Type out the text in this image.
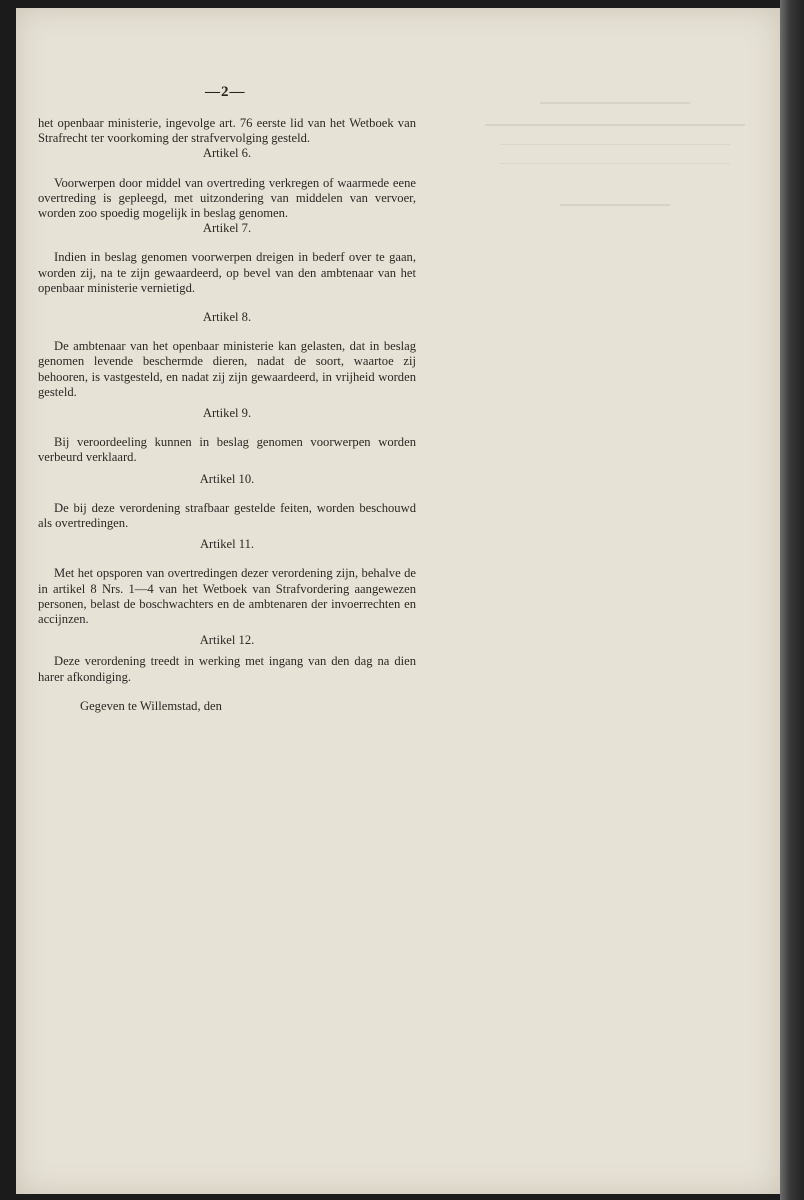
—2—

het openbaar ministerie, ingevolge art. 76 eerste lid van het Wetboek van Strafrecht ter voorkoming der strafvervolging gesteld.

Artikel 6.

Voorwerpen door middel van overtreding verkregen of waarmede eene overtreding is gepleegd, met uitzondering van middelen van vervoer, worden zoo spoedig mogelijk in beslag genomen.

Artikel 7.

Indien in beslag genomen voorwerpen dreigen in bederf over te gaan, worden zij, na te zijn gewaardeerd, op bevel van den ambtenaar van het openbaar ministerie vernietigd.

Artikel 8.

De ambtenaar van het openbaar ministerie kan gelasten, dat in beslag genomen levende beschermde dieren, nadat de soort, waartoe zij behooren, is vastgesteld, en nadat zij zijn gewaardeerd, in vrijheid worden gesteld.

Artikel 9.

Bij veroordeeling kunnen in beslag genomen voorwerpen worden verbeurd verklaard.

Artikel 10.

De bij deze verordening strafbaar gestelde feiten, worden beschouwd als overtredingen.

Artikel 11.

Met het opsporen van overtredingen dezer verordening zijn, behalve de in artikel 8 Nrs. 1—4 van het Wetboek van Strafvordering aangewezen personen, belast de boschwachters en de ambtenaren der invoerrechten en accijnzen.

Artikel 12.

Deze verordening treedt in werking met ingang van den dag na dien harer afkondiging.

Gegeven te Willemstad, den
